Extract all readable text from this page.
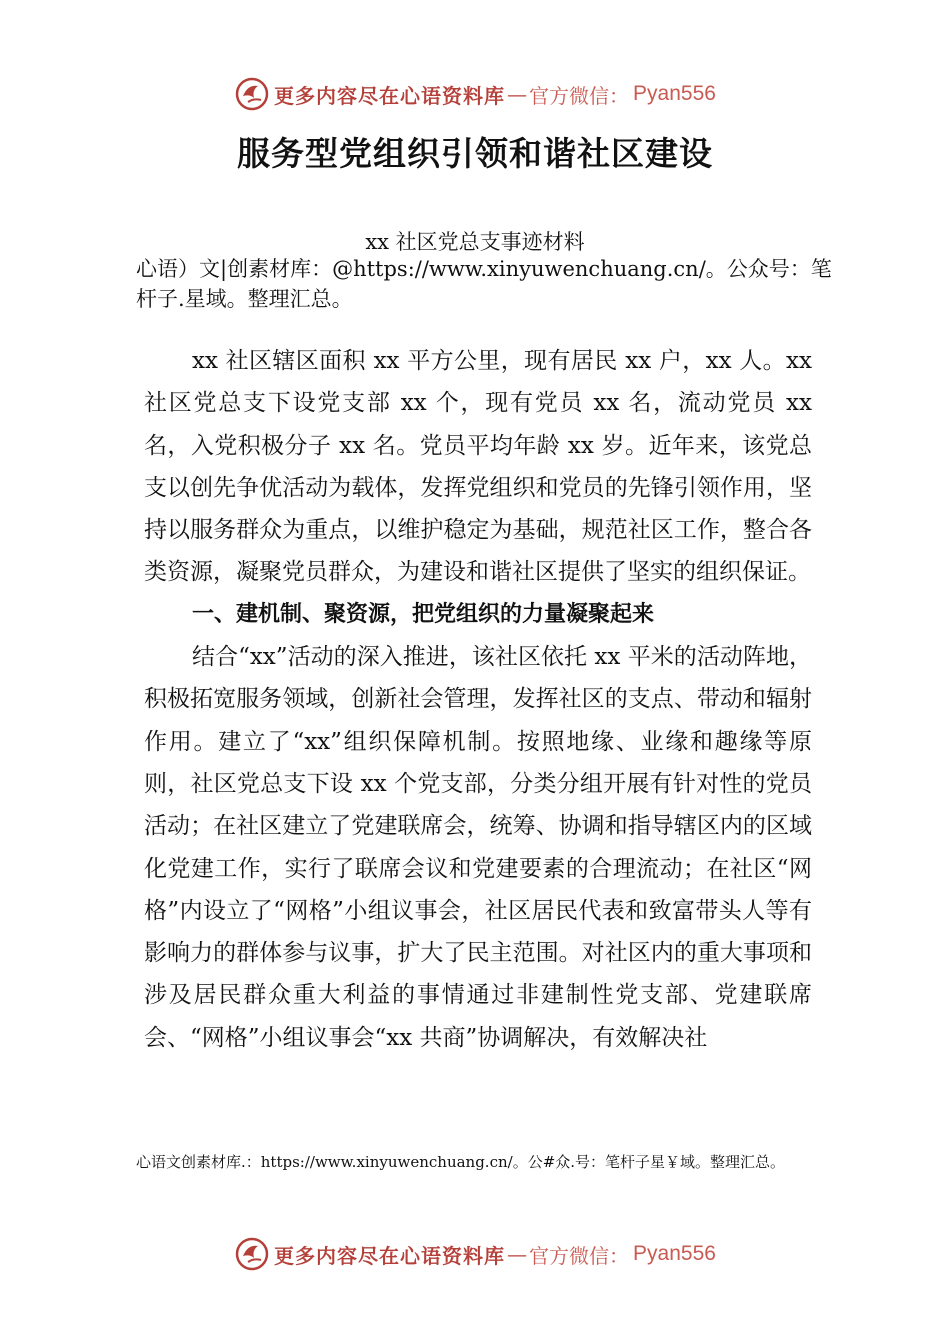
更多内容尽在心语资料库 — 官方微信： Pyan556
服务型党组织引领和谐社区建设
xx 社区党总支事迹材料
心语）文|创素材库：@https://www.xinyuwenchuang.cn/。公众号：笔杆子.星域。整理汇总。

xx 社区辖区面积 xx 平方公里，现有居民 xx 户，xx 人。xx 社区党总支下设党支部 xx 个，现有党员 xx 名，流动党员 xx 名，入党积极分子 xx 名。党员平均年龄 xx 岁。近年来，该党总支以创先争优活动为载体，发挥党组织和党员的先锋引领作用，坚持以服务群众为重点，以维护稳定为基础，规范社区工作，整合各类资源，凝聚党员群众，为建设和谐社区提供了坚实的组织保证。

一、建机制、聚资源，把党组织的力量凝聚起来

结合“xx”活动的深入推进，该社区依托 xx 平米的活动阵地，积极拓宽服务领域，创新社会管理，发挥社区的支点、带动和辐射作用。建立了“xx”组织保障机制。按照地缘、业缘和趣缘等原则，社区党总支下设 xx 个党支部，分类分组开展有针对性的党员活动；在社区建立了党建联席会，统筹、协调和指导辖区内的区域化党建工作，实行了联席会议和党建要素的合理流动；在社区“网格”内设立了“网格”小组议事会，社区居民代表和致富带头人等有影响力的群体参与议事，扩大了民主范围。对社区内的重大事项和涉及居民群众重大利益的事情通过非建制性党支部、党建联席会、“网格”小组议事会“xx 共商”协调解决，有效解决社

心语文创素材库.：https://www.xinyuwenchuang.cn/。公#众.号：笔杆子星￥域。整理汇总。
更多内容尽在心语资料库 — 官方微信： Pyan556
